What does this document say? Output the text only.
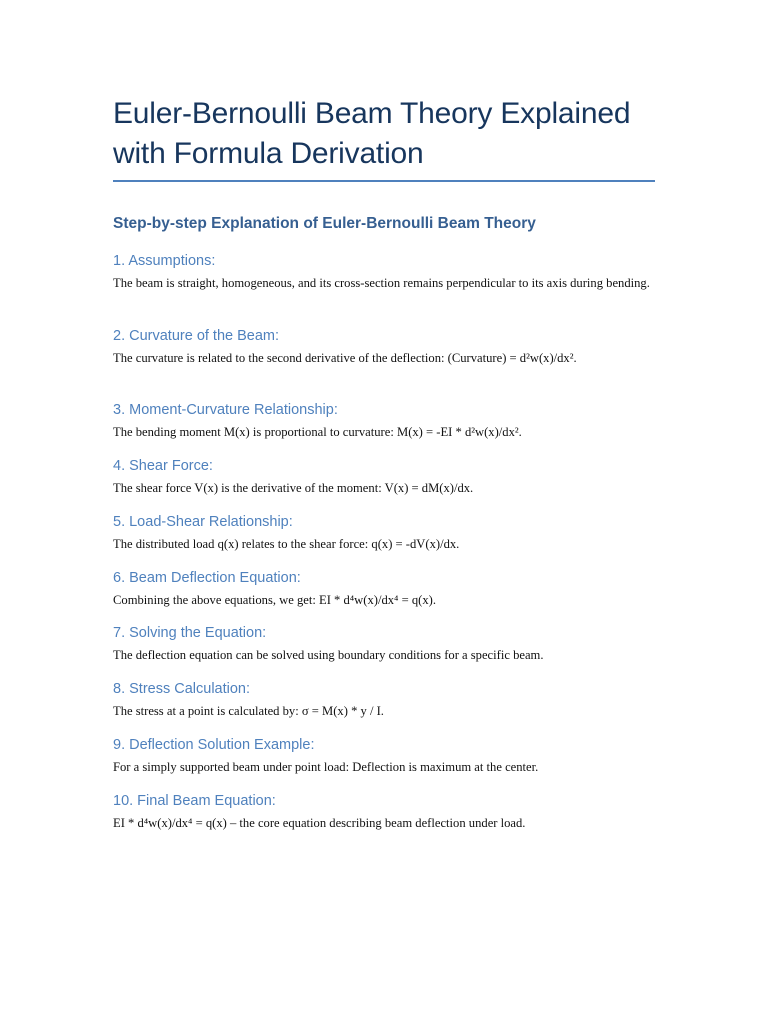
Euler-Bernoulli Beam Theory Explained with Formula Derivation
Step-by-step Explanation of Euler-Bernoulli Beam Theory
1. Assumptions:

The beam is straight, homogeneous, and its cross-section remains perpendicular to its axis during bending.

2. Curvature of the Beam:

The curvature is related to the second derivative of the deflection: (Curvature) = d²w(x)/dx².

3. Moment-Curvature Relationship:

The bending moment M(x) is proportional to curvature: M(x) = -EI * d²w(x)/dx².

4. Shear Force:

The shear force V(x) is the derivative of the moment: V(x) = dM(x)/dx.

5. Load-Shear Relationship:

The distributed load q(x) relates to the shear force: q(x) = -dV(x)/dx.

6. Beam Deflection Equation:

Combining the above equations, we get: EI * d⁴w(x)/dx⁴ = q(x).

7. Solving the Equation:

The deflection equation can be solved using boundary conditions for a specific beam.

8. Stress Calculation:

The stress at a point is calculated by: σ = M(x) * y / I.

9. Deflection Solution Example:

For a simply supported beam under point load: Deflection is maximum at the center.

10. Final Beam Equation:

EI * d⁴w(x)/dx⁴ = q(x) – the core equation describing beam deflection under load.
